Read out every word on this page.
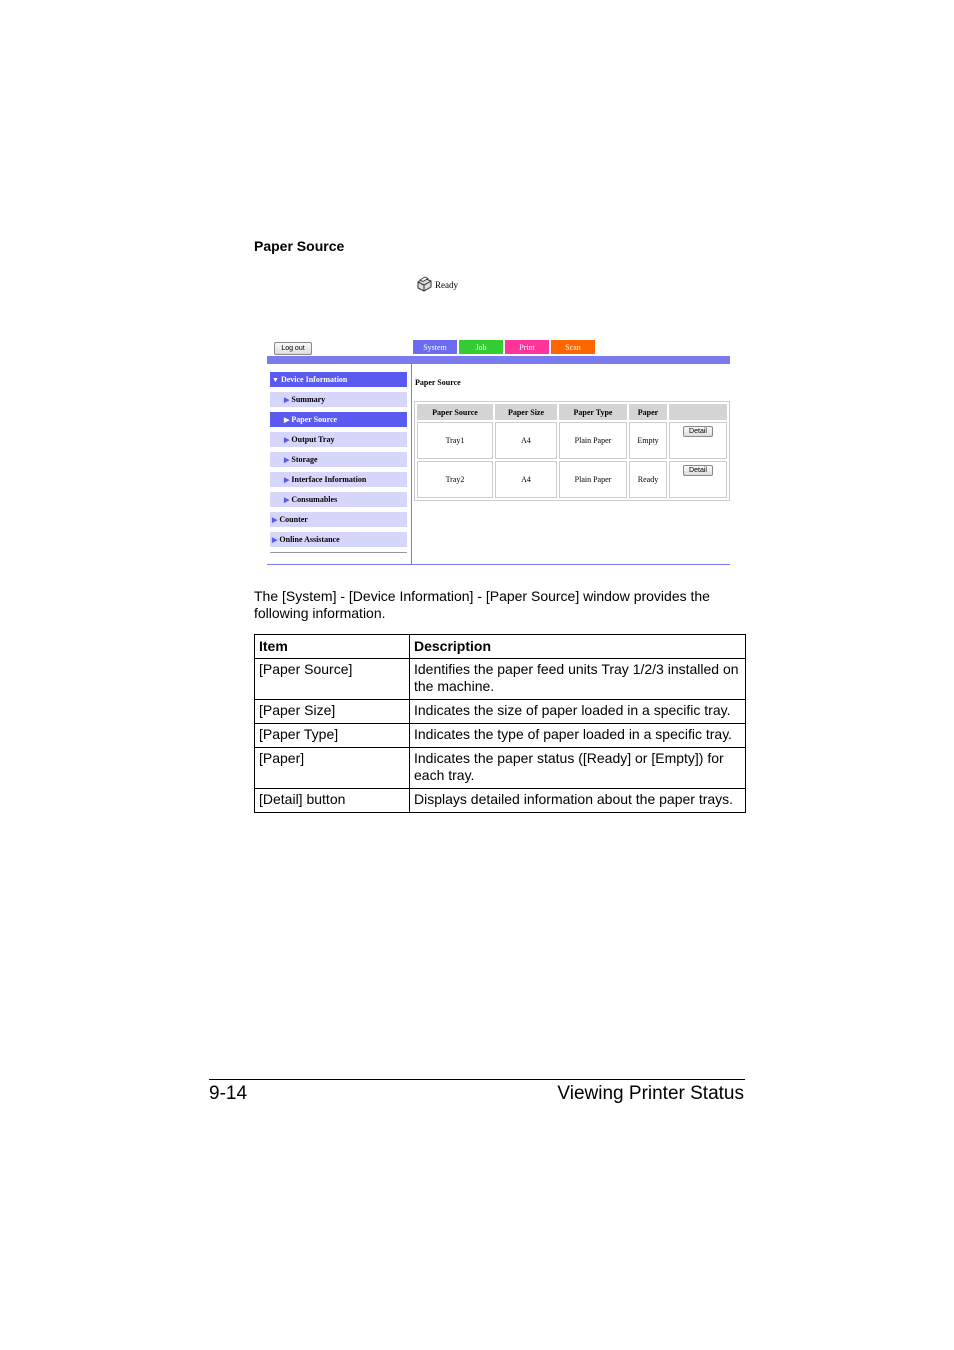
Paper Source
Ready
Log out	System	Job	Print	Scan
▼ Device Information
▶ Summary
▶ Paper Source
▶ Output Tray
▶ Storage
▶ Interface Information
▶ Consumables
▶ Counter
▶ Online Assistance
Paper Source
Paper Source	Paper Size	Paper Type	Paper	
Tray1	A4	Plain Paper	Empty	Detail
Tray2	A4	Plain Paper	Ready	Detail
The [System] - [Device Information] - [Paper Source] window provides the following information.
Item	Description
[Paper Source]	Identifies the paper feed units Tray 1/2/3 installed on the machine.
[Paper Size]	Indicates the size of paper loaded in a specific tray.
[Paper Type]	Indicates the type of paper loaded in a specific tray.
[Paper]	Indicates the paper status ([Ready] or [Empty]) for each tray.
[Detail] button	Displays detailed information about the paper trays.
9-14	Viewing Printer Status
